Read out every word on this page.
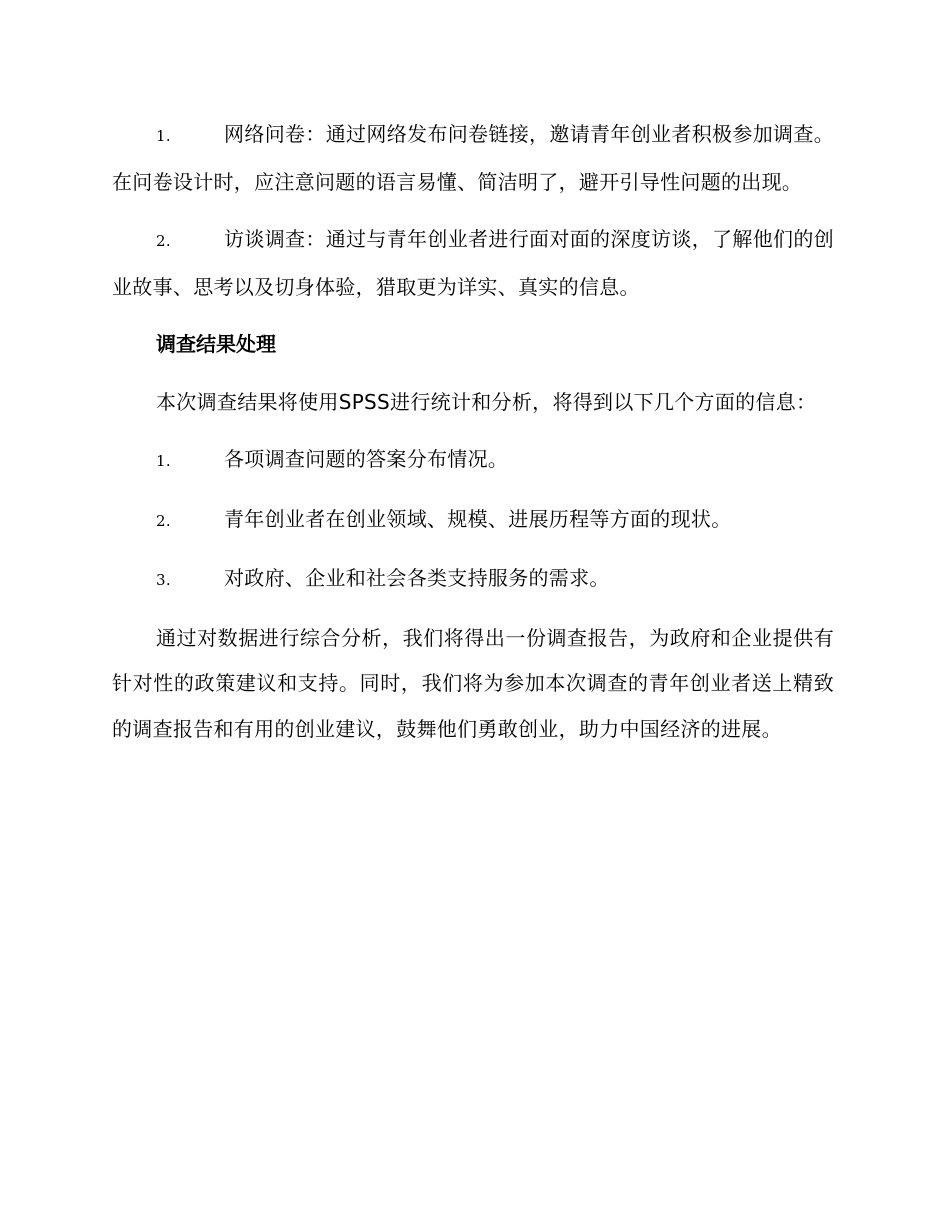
1.	网络问卷：通过网络发布问卷链接，邀请青年创业者积极参加调查。在问卷设计时，应注意问题的语言易懂、简洁明了，避开引导性问题的出现。

2.	访谈调查：通过与青年创业者进行面对面的深度访谈，了解他们的创业故事、思考以及切身体验，猎取更为详实、真实的信息。

调查结果处理

本次调查结果将使用SPSS进行统计和分析，将得到以下几个方面的信息：

1.	各项调查问题的答案分布情况。

2.	青年创业者在创业领域、规模、进展历程等方面的现状。

3.	对政府、企业和社会各类支持服务的需求。

通过对数据进行综合分析，我们将得出一份调查报告，为政府和企业提供有针对性的政策建议和支持。同时，我们将为参加本次调查的青年创业者送上精致的调查报告和有用的创业建议，鼓舞他们勇敢创业，助力中国经济的进展。
